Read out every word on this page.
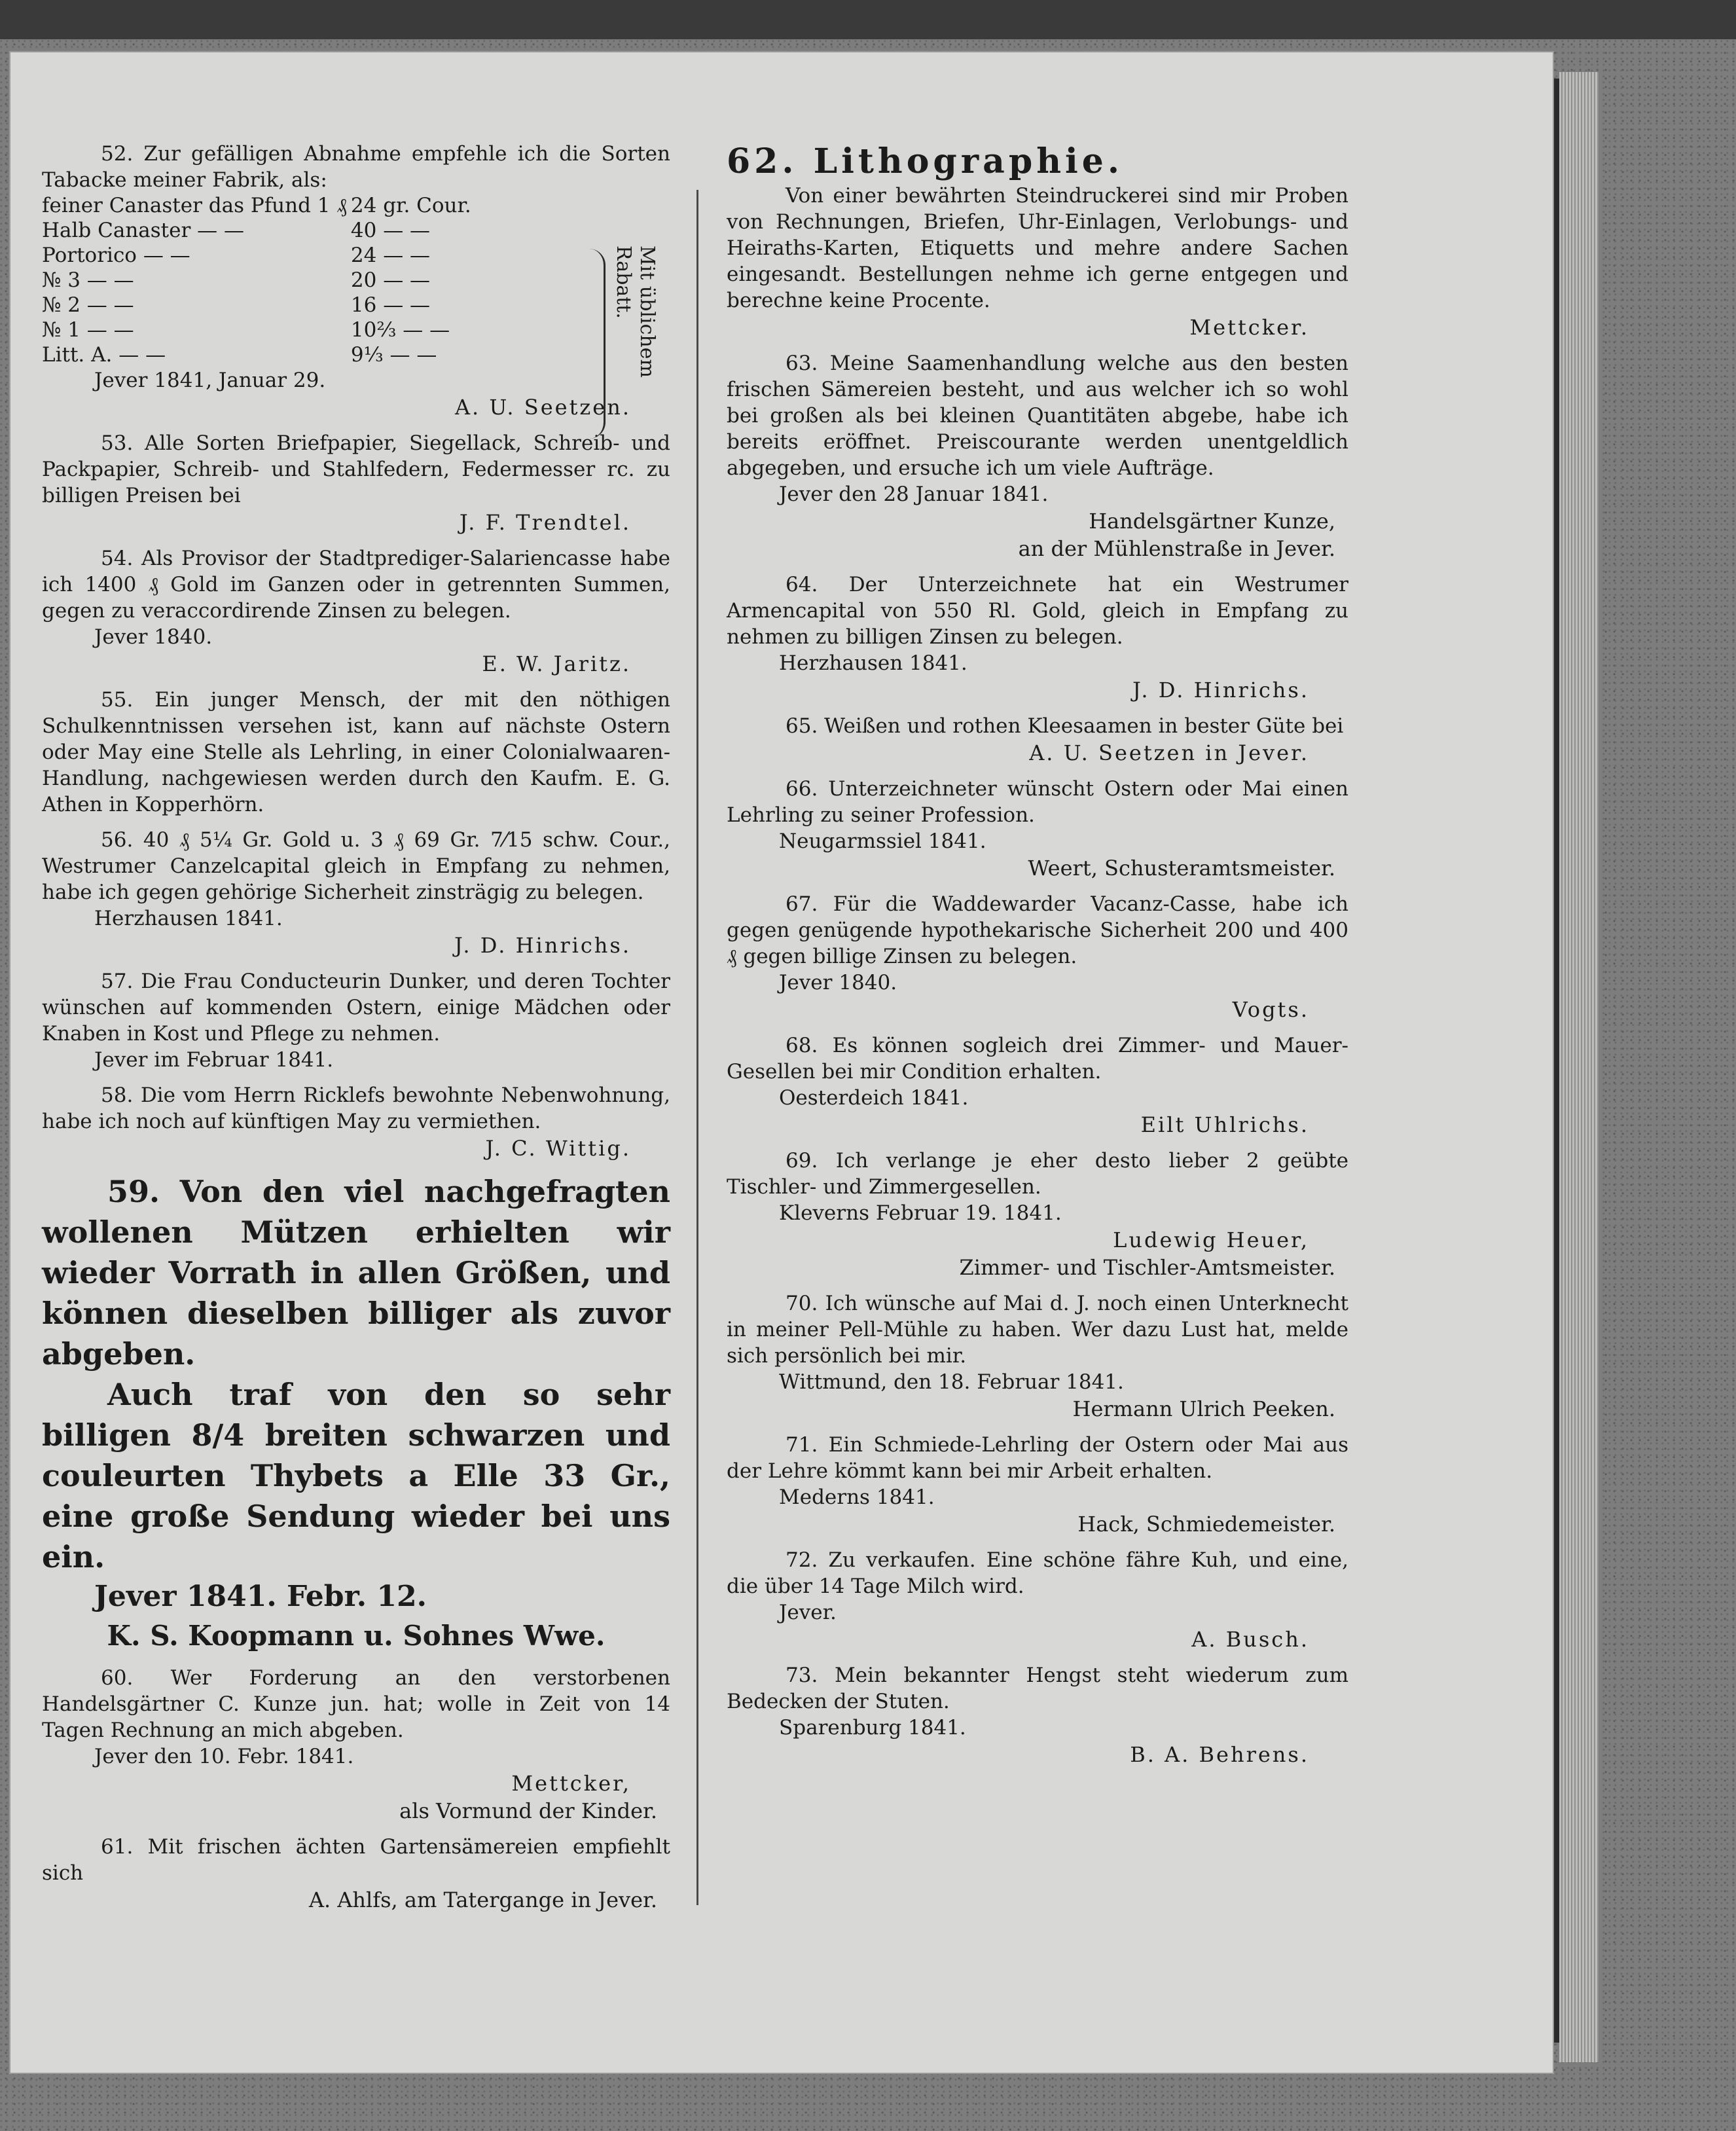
52. Zur gefälligen Abnahme empfehle ich die Sorten Tabacke meiner Fabrik, als:

feiner Canaster das Pfund 1 ₰	24 gr. Cour.
Halb Canaster — —	40 — —
Portorico — —	24 — —
№ 3 — —	20 — —
№ 2 — —	16 — —
№ 1 — —	10⅔ — —
Litt. A. — —	9⅓ — —
Mit üblichem
Rabatt.

Jever 1841, Januar 29.

A. U. Seetzen.

53. Alle Sorten Briefpapier, Siegellack, Schreib- und Packpapier, Schreib- und Stahlfedern, Federmesser rc. zu billigen Preisen bei

J. F. Trendtel.

54. Als Provisor der Stadtprediger-Salariencasse habe ich 1400 ₰ Gold im Ganzen oder in getrennten Summen, gegen zu veraccordirende Zinsen zu belegen.

Jever 1840.

E. W. Jaritz.

55. Ein junger Mensch, der mit den nöthigen Schulkenntnissen versehen ist, kann auf nächste Ostern oder May eine Stelle als Lehrling, in einer Colonialwaaren-Handlung, nachgewiesen werden durch den Kaufm. E. G. Athen in Kopperhörn.

56. 40 ₰ 5¼ Gr. Gold u. 3 ₰ 69 Gr. 7⁄15 schw. Cour., Westrumer Canzelcapital gleich in Empfang zu nehmen, habe ich gegen gehörige Sicherheit zinsträgig zu belegen.

Herzhausen 1841.

J. D. Hinrichs.

57. Die Frau Conducteurin Dunker, und deren Tochter wünschen auf kommenden Ostern, einige Mädchen oder Knaben in Kost und Pflege zu nehmen.

Jever im Februar 1841.

58. Die vom Herrn Ricklefs bewohnte Nebenwohnung, habe ich noch auf künftigen May zu vermiethen.

J. C. Wittig.

59. Von den viel nachgefragten wollenen Mützen erhielten wir wieder Vorrath in allen Größen, und können dieselben billiger als zuvor abgeben.

Auch traf von den so sehr billigen 8/4 breiten schwarzen und couleurten Thybets a Elle 33 Gr., eine große Sendung wieder bei uns ein.

Jever 1841. Febr. 12.

K. S. Koopmann u. Sohnes Wwe.

60. Wer Forderung an den verstorbenen Handelsgärtner C. Kunze jun. hat; wolle in Zeit von 14 Tagen Rechnung an mich abgeben.

Jever den 10. Febr. 1841.

Mettcker,

als Vormund der Kinder.

61. Mit frischen ächten Gartensämereien empfiehlt sich

A. Ahlfs, am Tatergange in Jever.

62. Lithographie.

Von einer bewährten Steindruckerei sind mir Proben von Rechnungen, Briefen, Uhr-Einlagen, Verlobungs- und Heiraths-Karten, Etiquetts und mehre andere Sachen eingesandt. Bestellungen nehme ich gerne entgegen und berechne keine Procente.

Mettcker.

63. Meine Saamenhandlung welche aus den besten frischen Sämereien besteht, und aus welcher ich so wohl bei großen als bei kleinen Quantitäten abgebe, habe ich bereits eröffnet. Preiscourante werden unentgeldlich abgegeben, und ersuche ich um viele Aufträge.

Jever den 28 Januar 1841.

Handelsgärtner Kunze,

an der Mühlenstraße in Jever.

64. Der Unterzeichnete hat ein Westrumer Armencapital von 550 Rl. Gold, gleich in Empfang zu nehmen zu billigen Zinsen zu belegen.

Herzhausen 1841.

J. D. Hinrichs.

65. Weißen und rothen Kleesaamen in bester Güte bei

A. U. Seetzen in Jever.

66. Unterzeichneter wünscht Ostern oder Mai einen Lehrling zu seiner Profession.

Neugarmssiel 1841.

Weert, Schusteramtsmeister.

67. Für die Waddewarder Vacanz-Casse, habe ich gegen genügende hypothekarische Sicherheit 200 und 400 ₰ gegen billige Zinsen zu belegen.

Jever 1840.

Vogts.

68. Es können sogleich drei Zimmer- und Mauer-Gesellen bei mir Condition erhalten.

Oesterdeich 1841.

Eilt Uhlrichs.

69. Ich verlange je eher desto lieber 2 geübte Tischler- und Zimmergesellen.

Kleverns Februar 19. 1841.

Ludewig Heuer,

Zimmer- und Tischler-Amtsmeister.

70. Ich wünsche auf Mai d. J. noch einen Unterknecht in meiner Pell-Mühle zu haben. Wer dazu Lust hat, melde sich persönlich bei mir.

Wittmund, den 18. Februar 1841.

Hermann Ulrich Peeken.

71. Ein Schmiede-Lehrling der Ostern oder Mai aus der Lehre kömmt kann bei mir Arbeit erhalten.

Mederns 1841.

Hack, Schmiedemeister.

72. Zu verkaufen. Eine schöne fähre Kuh, und eine, die über 14 Tage Milch wird.

Jever.

A. Busch.

73. Mein bekannter Hengst steht wiederum zum Bedecken der Stuten.

Sparenburg 1841.

B. A. Behrens.
